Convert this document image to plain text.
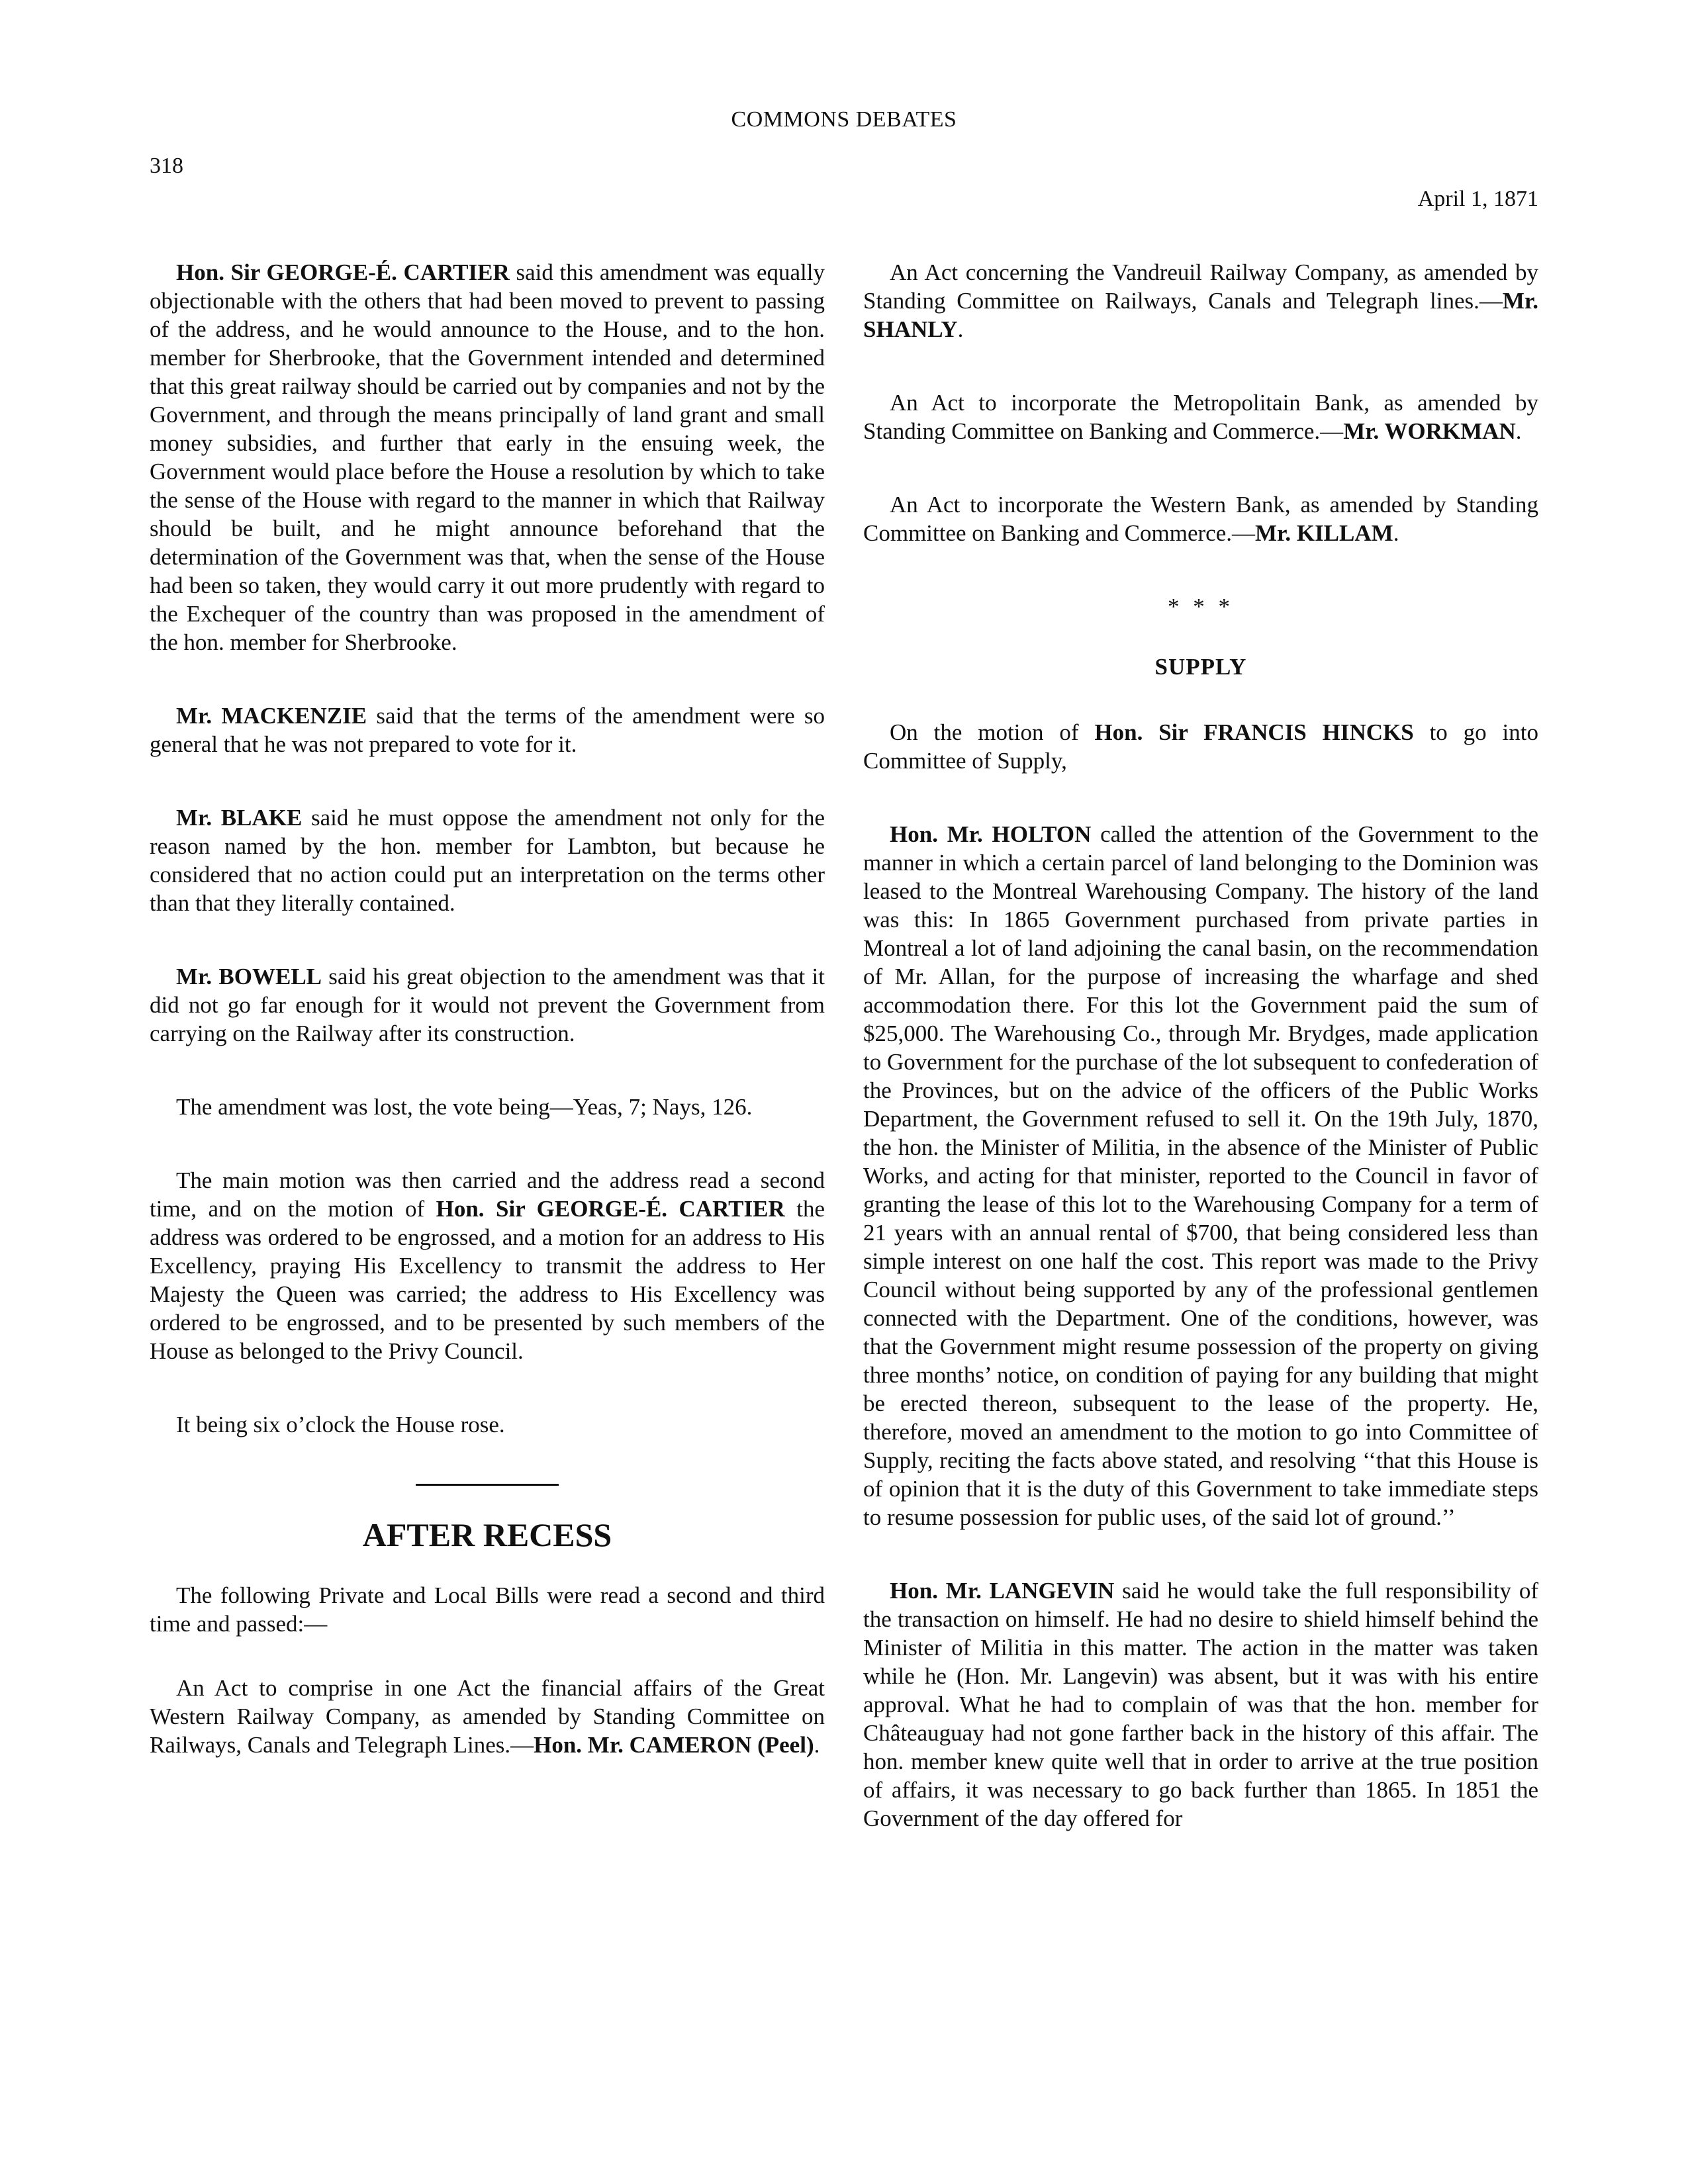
COMMONS DEBATES
318
April 1, 1871

Hon. Sir GEORGE-É. CARTIER said this amendment was equally objectionable with the others that had been moved to prevent to passing of the address, and he would announce to the House, and to the hon. member for Sherbrooke, that the Government intended and determined that this great railway should be carried out by companies and not by the Government, and through the means principally of land grant and small money subsidies, and further that early in the ensuing week, the Government would place before the House a resolution by which to take the sense of the House with regard to the manner in which that Railway should be built, and he might announce beforehand that the determination of the Government was that, when the sense of the House had been so taken, they would carry it out more prudently with regard to the Exchequer of the country than was proposed in the amendment of the hon. member for Sherbrooke.

Mr. MACKENZIE said that the terms of the amendment were so general that he was not prepared to vote for it.

Mr. BLAKE said he must oppose the amendment not only for the reason named by the hon. member for Lambton, but because he considered that no action could put an interpretation on the terms other than that they literally contained.

Mr. BOWELL said his great objection to the amendment was that it did not go far enough for it would not prevent the Government from carrying on the Railway after its construction.

The amendment was lost, the vote being—Yeas, 7; Nays, 126.

The main motion was then carried and the address read a second time, and on the motion of Hon. Sir GEORGE-É. CARTIER the address was ordered to be engrossed, and a motion for an address to His Excellency, praying His Excellency to transmit the address to Her Majesty the Queen was carried; the address to His Excellency was ordered to be engrossed, and to be presented by such members of the House as belonged to the Privy Council.

It being six o’clock the House rose.

AFTER RECESS

The following Private and Local Bills were read a second and third time and passed:—

An Act to comprise in one Act the financial affairs of the Great Western Railway Company, as amended by Standing Committee on Railways, Canals and Telegraph Lines.—Hon. Mr. CAMERON (Peel).

An Act concerning the Vandreuil Railway Company, as amended by Standing Committee on Railways, Canals and Telegraph lines.—Mr. SHANLY.

An Act to incorporate the Metropolitain Bank, as amended by Standing Committee on Banking and Commerce.—Mr. WORKMAN.

An Act to incorporate the Western Bank, as amended by Standing Committee on Banking and Commerce.—Mr. KILLAM.

* * *
SUPPLY

On the motion of Hon. Sir FRANCIS HINCKS to go into Committee of Supply,

Hon. Mr. HOLTON called the attention of the Government to the manner in which a certain parcel of land belonging to the Dominion was leased to the Montreal Warehousing Company. The history of the land was this: In 1865 Government purchased from private parties in Montreal a lot of land adjoining the canal basin, on the recommendation of Mr. Allan, for the purpose of increasing the wharfage and shed accommodation there. For this lot the Government paid the sum of $25,000. The Warehousing Co., through Mr. Brydges, made application to Government for the purchase of the lot subsequent to confederation of the Provinces, but on the advice of the officers of the Public Works Department, the Government refused to sell it. On the 19th July, 1870, the hon. the Minister of Militia, in the absence of the Minister of Public Works, and acting for that minister, reported to the Council in favor of granting the lease of this lot to the Warehousing Company for a term of 21 years with an annual rental of $700, that being considered less than simple interest on one half the cost. This report was made to the Privy Council without being supported by any of the professional gentlemen connected with the Department. One of the conditions, however, was that the Government might resume possession of the property on giving three months’ notice, on condition of paying for any building that might be erected thereon, subsequent to the lease of the property. He, therefore, moved an amendment to the motion to go into Committee of Supply, reciting the facts above stated, and resolving ‘‘that this House is of opinion that it is the duty of this Government to take immediate steps to resume possession for public uses, of the said lot of ground.’’

Hon. Mr. LANGEVIN said he would take the full responsibility of the transaction on himself. He had no desire to shield himself behind the Minister of Militia in this matter. The action in the matter was taken while he (Hon. Mr. Langevin) was absent, but it was with his entire approval. What he had to complain of was that the hon. member for Châteauguay had not gone farther back in the history of this affair. The hon. member knew quite well that in order to arrive at the true position of affairs, it was necessary to go back further than 1865. In 1851 the Government of the day offered for
